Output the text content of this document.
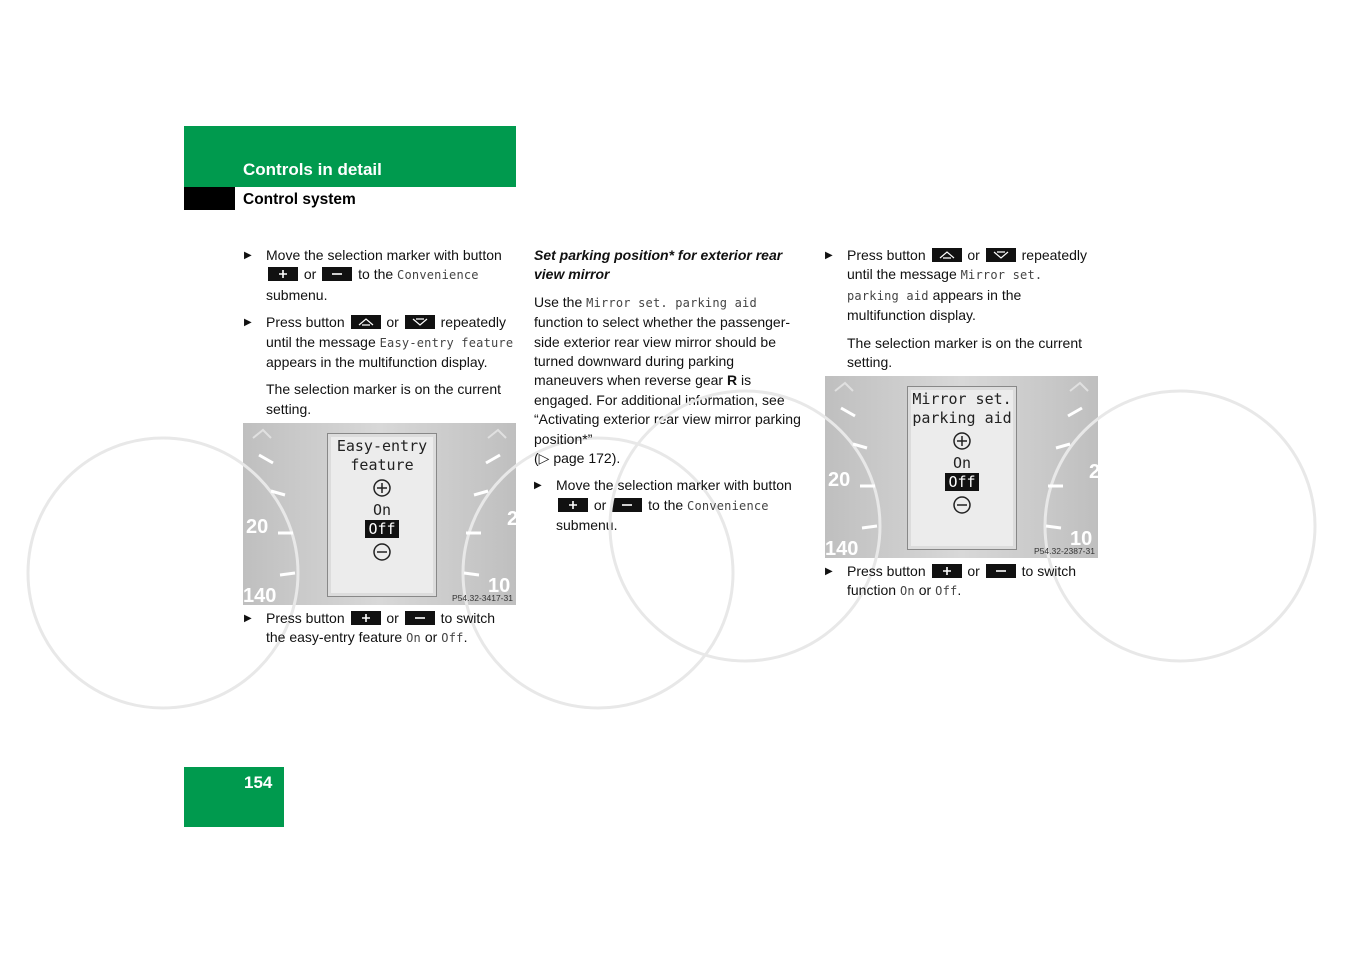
Controls in detail
Control system
▶ Move the selection marker with button
or	to the Convenience submenu.
▶ Press button	or	repeatedly until the message Easy-entry feature appears in the multifunction display.

The selection marker is on the current setting.

20
140	10
2
Easy-entry
feature
On
Off
P54.32-3417-31
▶ Press button	or	to switch the easy-entry feature On or Off.

Set parking position* for exterior rear view mirror

Use the Mirror set. parking aid function to select whether the passenger-side exterior rear view mirror should be turned downward during parking maneuvers when reverse gear R is engaged. For additional information, see “Activating exterior rear view mirror parking position*”
(▷ page 172).

▶ Move the selection marker with button
or	to the Convenience submenu.
▶ Press button	or	repeatedly until the message Mirror set. parking aid appears in the multifunction display.

The selection marker is on the current setting.

20
140	10
2
Mirror set.
parking aid
On
Off
P54.32-2387-31
▶ Press button	or	to switch function On or Off.
154
